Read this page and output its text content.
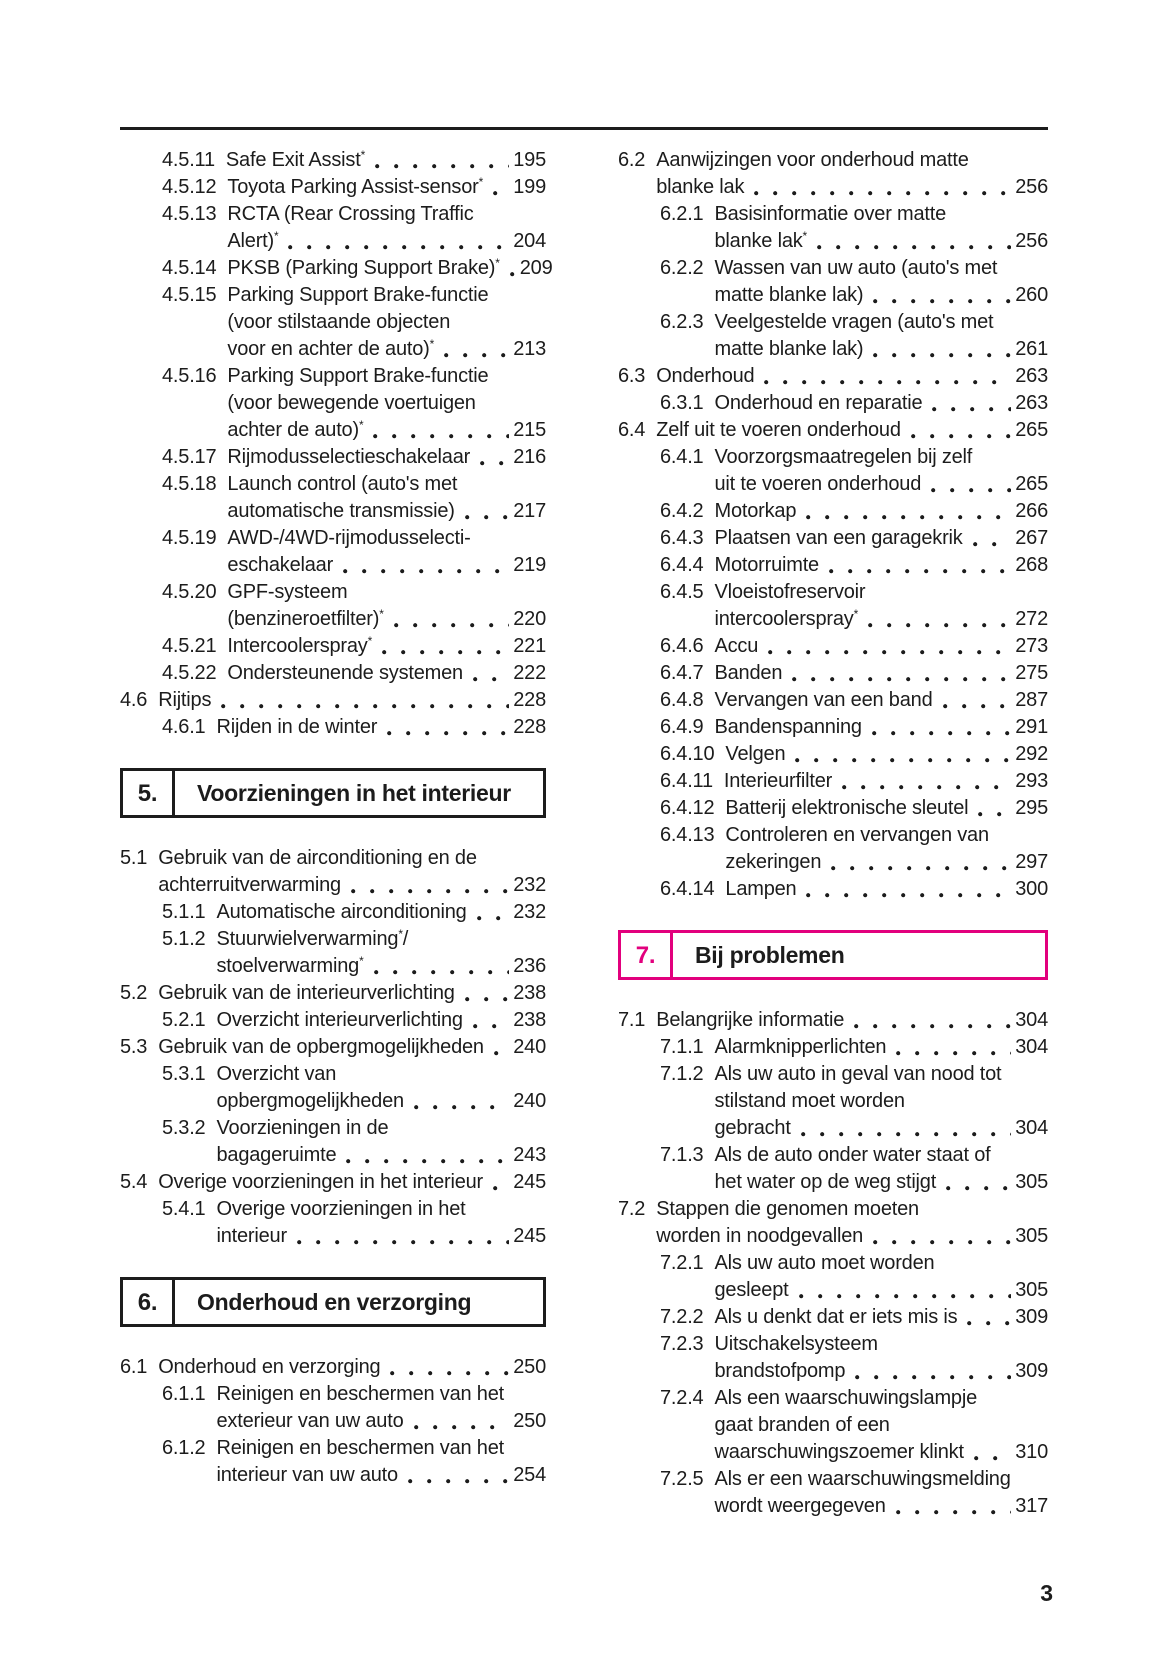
4.5.11 Safe Exit Assist*	195
4.5.12 Toyota Parking Assist-sensor* 199
4.5.13 RCTA (Rear Crossing Traffic
Alert)*	204
4.5.14 PKSB (Parking Support Brake)* 209
4.5.15 Parking Support Brake-functie
(voor stilstaande objecten
voor en achter de auto)*	213
4.5.16 Parking Support Brake-functie
(voor bewegende voertuigen
achter de auto)*	215
4.5.17 Rijmodusselectieschakelaar 216
4.5.18 Launch control (auto's met
automatische transmissie)	217
4.5.19 AWD-/4WD-rijmodusselecti-
eschakelaar	219
4.5.20 GPF-systeem
(benzineroetfilter)*	220
4.5.21 Intercoolerspray*	221
4.5.22 Ondersteunende systemen	222
4.6 Rijtips	228
4.6.1 Rijden in de winter	228
5.	Voorzieningen in het interieur
5.1 Gebruik van de airconditioning en de
achterruitverwarming	232
5.1.1 Automatische airconditioning 232
5.1.2 Stuurwielverwarming*/
stoelverwarming*	236
5.2 Gebruik van de interieurverlichting	238
5.2.1 Overzicht interieurverlichting	238
5.3 Gebruik van de opbergmogelijkheden 240
5.3.1 Overzicht van
opbergmogelijkheden	240
5.3.2 Voorzieningen in de
bagageruimte	243
5.4 Overige voorzieningen in het interieur 245
5.4.1 Overige voorzieningen in het
interieur	245
6.	Onderhoud en verzorging
6.1 Onderhoud en verzorging	250
6.1.1 Reinigen en beschermen van het
exterieur van uw auto	250
6.1.2 Reinigen en beschermen van het
interieur van uw auto	254
6.2 Aanwijzingen voor onderhoud matte
blanke lak	256
6.2.1 Basisinformatie over matte
blanke lak*	256
6.2.2 Wassen van uw auto (auto's met
matte blanke lak)	260
6.2.3 Veelgestelde vragen (auto's met
matte blanke lak)	261
6.3 Onderhoud	263
6.3.1 Onderhoud en reparatie	263
6.4 Zelf uit te voeren onderhoud	265
6.4.1 Voorzorgsmaatregelen bij zelf
uit te voeren onderhoud	265
6.4.2 Motorkap	266
6.4.3 Plaatsen van een garagekrik	267
6.4.4 Motorruimte	268
6.4.5 Vloeistofreservoir
intercoolerspray*	272
6.4.6 Accu	273
6.4.7 Banden	275
6.4.8 Vervangen van een band	287
6.4.9 Bandenspanning	291
6.4.10 Velgen	292
6.4.11 Interieurfilter	293
6.4.12 Batterij elektronische sleutel 295
6.4.13 Controleren en vervangen van
zekeringen	297
6.4.14 Lampen	300
7.	Bij problemen
7.1 Belangrijke informatie	304
7.1.1 Alarmknipperlichten	304
7.1.2 Als uw auto in geval van nood tot
stilstand moet worden
gebracht	304
7.1.3 Als de auto onder water staat of
het water op de weg stijgt	305
7.2 Stappen die genomen moeten
worden in noodgevallen	305
7.2.1 Als uw auto moet worden
gesleept	305
7.2.2 Als u denkt dat er iets mis is	309
7.2.3 Uitschakelsysteem
brandstofpomp	309
7.2.4 Als een waarschuwingslampje
gaat branden of een
waarschuwingszoemer klinkt	310
7.2.5 Als er een waarschuwingsmelding
wordt weergegeven	317
3
